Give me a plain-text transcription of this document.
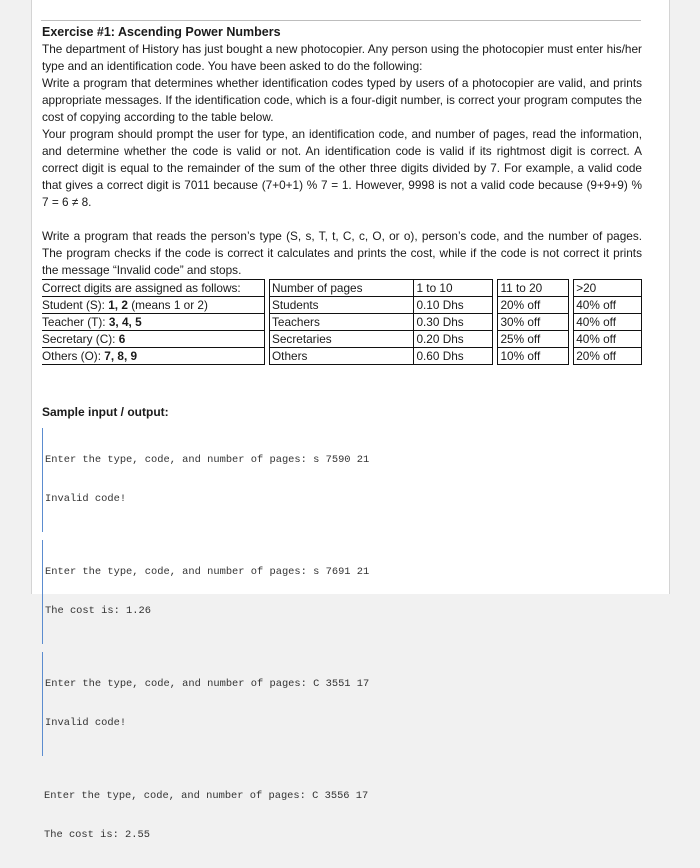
Exercise #1: Ascending Power Numbers

The department of History has just bought a new photocopier. Any person using the photocopier must enter his/her type and an identification code. You have been asked to do the following:

Write a program that determines whether identification codes typed by users of a photocopier are valid, and prints appropriate messages. If the identification code, which is a four-digit number, is correct your program computes the cost of copying according to the table below.

Your program should prompt the user for type, an identification code, and number of pages, read the information, and determine whether the code is valid or not. An identification code is valid if its rightmost digit is correct. A correct digit is equal to the remainder of the sum of the other three digits divided by 7. For example, a valid code that gives a correct digit is 7011 because (7+0+1) % 7 = 1. However, 9998 is not a valid code because (9+9+9) % 7 = 6 ≠ 8.

Write a program that reads the person’s type (S, s, T, t, C, c, O, or o), person’s code, and the number of pages. The program checks if the code is correct it calculates and prints the cost, while if the code is not correct it prints the message “Invalid code” and stops.

Correct digits are assigned as follows:		Number of pages	1 to 10		11 to 20		>20
Student (S): 1, 2 (means 1 or 2)		Students	0.10 Dhs		20% off		40% off
Teacher (T): 3, 4, 5		Teachers	0.30 Dhs		30% off		40% off
Secretary (C): 6		Secretaries	0.20 Dhs		25% off		40% off
Others (O): 7, 8, 9		Others	0.60 Dhs		10% off		20% off
Sample input / output:

Enter the type, code, and number of pages: s 7590 21

Invalid code!

Enter the type, code, and number of pages: s 7691 21

The cost is: 1.26

Enter the type, code, and number of pages: C 3551 17

Invalid code!

Enter the type, code, and number of pages: C 3556 17

The cost is: 2.55
